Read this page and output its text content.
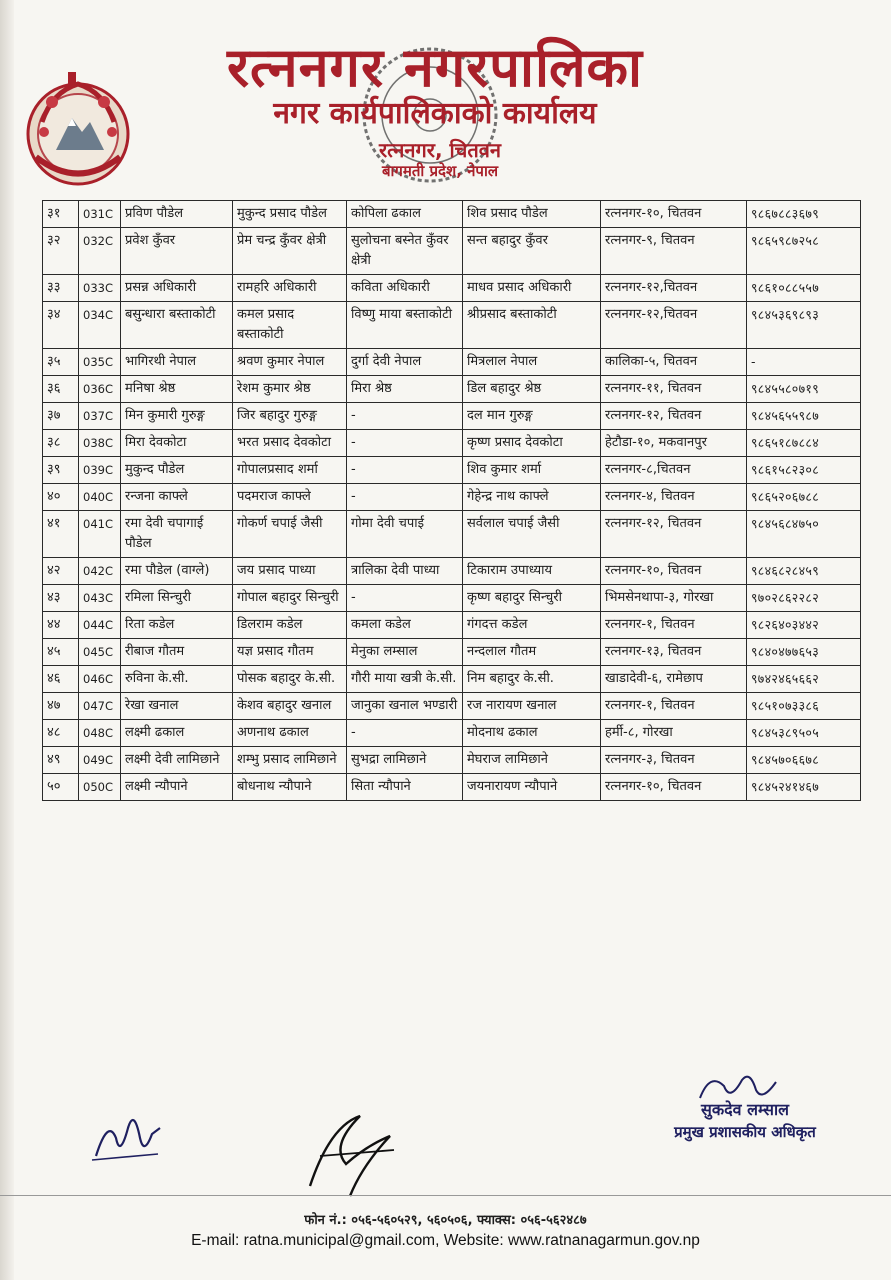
रत्ननगर नगरपालिका
नगर कार्यपालिकाको कार्यालय
रत्ननगर, चितवन
बागमती प्रदेश, नेपाल
३१	031C	प्रविण पौडेल	मुकुन्द प्रसाद पौडेल	कोपिला ढकाल	शिव प्रसाद पौडेल	रत्ननगर-१०, चितवन	९८६७८८३६७९
३२	032C	प्रवेश कुँवर	प्रेम चन्द्र कुँवर क्षेत्री	सुलोचना बस्नेत कुँवर क्षेत्री	सन्त बहादुर कुँवर	रत्ननगर-९, चितवन	९८६५९८७२५८
३३	033C	प्रसन्न अधिकारी	रामहरि अधिकारी	कविता अधिकारी	माधव प्रसाद अधिकारी	रत्ननगर-१२,चितवन	९८६१०८८५५७
३४	034C	बसुन्धारा बस्ताकोटी	कमल प्रसाद बस्ताकोटी	विष्णु माया बस्ताकोटी	श्रीप्रसाद बस्ताकोटी	रत्ननगर-१२,चितवन	९८४५३६९८९३
३५	035C	भागिरथी नेपाल	श्रवण कुमार नेपाल	दुर्गा देवी नेपाल	मित्रलाल नेपाल	कालिका-५, चितवन	-
३६	036C	मनिषा श्रेष्ठ	रेशम कुमार श्रेष्ठ	मिरा श्रेष्ठ	डिल बहादुर श्रेष्ठ	रत्ननगर-११, चितवन	९८४५५८०७१९
३७	037C	मिन कुमारी गुरुङ्ग	जिर बहादुर गुरुङ्ग	-	दल मान गुरुङ्ग	रत्ननगर-१२, चितवन	९८४५६५५९८७
३८	038C	मिरा देवकोटा	भरत प्रसाद देवकोटा	-	कृष्ण प्रसाद देवकोटा	हेटौडा-१०, मकवानपुर	९८६५१८७८८४
३९	039C	मुकुन्द पौडेल	गोपालप्रसाद शर्मा	-	शिव कुमार शर्मा	रत्ननगर-८,चितवन	९८६१५८२३०८
४०	040C	रन्जना काफ्ले	पदमराज काफ्ले	-	गेहेन्द्र नाथ काफ्ले	रत्ननगर-४, चितवन	९८६५२०६७८८
४१	041C	रमा देवी चपागाई पौडेल	गोकर्ण चपाई जैसी	गोमा देवी चपाई	सर्वलाल चपाई जैसी	रत्ननगर-१२, चितवन	९८४५६८४७५०
४२	042C	रमा पौडेल (वाग्ले)	जय प्रसाद पाध्या	त्रालिका देवी पाध्या	टिकाराम उपाध्याय	रत्ननगर-१०, चितवन	९८४६८२८४५९
४३	043C	रमिला सिन्चुरी	गोपाल बहादुर सिन्चुरी	-	कृष्ण बहादुर सिन्चुरी	भिमसेनथापा-३, गोरखा	९७०२८६२२८२
४४	044C	रिता कडेल	डिलराम कडेल	कमला कडेल	गंगदत्त कडेल	रत्ननगर-१, चितवन	९८२६४०३४४२
४५	045C	रीबाज गौतम	यज्ञ प्रसाद गौतम	मेनुका लम्साल	नन्दलाल गौतम	रत्ननगर-१३, चितवन	९८४०४७७६५३
४६	046C	रुविना के.सी.	पोसक बहादुर के.सी.	गौरी माया खत्री के.सी.	निम बहादुर के.सी.	खाडादेवी-६, रामेछाप	९७४२४६५६६२
४७	047C	रेखा खनाल	केशव बहादुर खनाल	जानुका खनाल भण्डारी	रज नारायण खनाल	रत्ननगर-१, चितवन	९८५१०७३३८६
४८	048C	लक्ष्मी ढकाल	अणनाथ ढकाल	-	मोदनाथ ढकाल	हर्मी-८, गोरखा	९८४५३८९५०५
४९	049C	लक्ष्मी देवी लामिछाने	शम्भु प्रसाद लामिछाने	सुभद्रा लामिछाने	मेघराज लामिछाने	रत्ननगर-३, चितवन	९८४५७०६६७८
५०	050C	लक्ष्मी न्यौपाने	बोधनाथ न्यौपाने	सिता न्यौपाने	जयनारायण न्यौपाने	रत्ननगर-१०, चितवन	९८४५२४१४६७
सुकदेव लम्साल
प्रमुख प्रशासकीय अधिकृत
फोन नं.: ०५६-५६०५२९, ५६०५०६, फ्याक्स: ०५६-५६२४८७
E-mail: ratna.municipal@gmail.com, Website: www.ratnanagarmun.gov.np
